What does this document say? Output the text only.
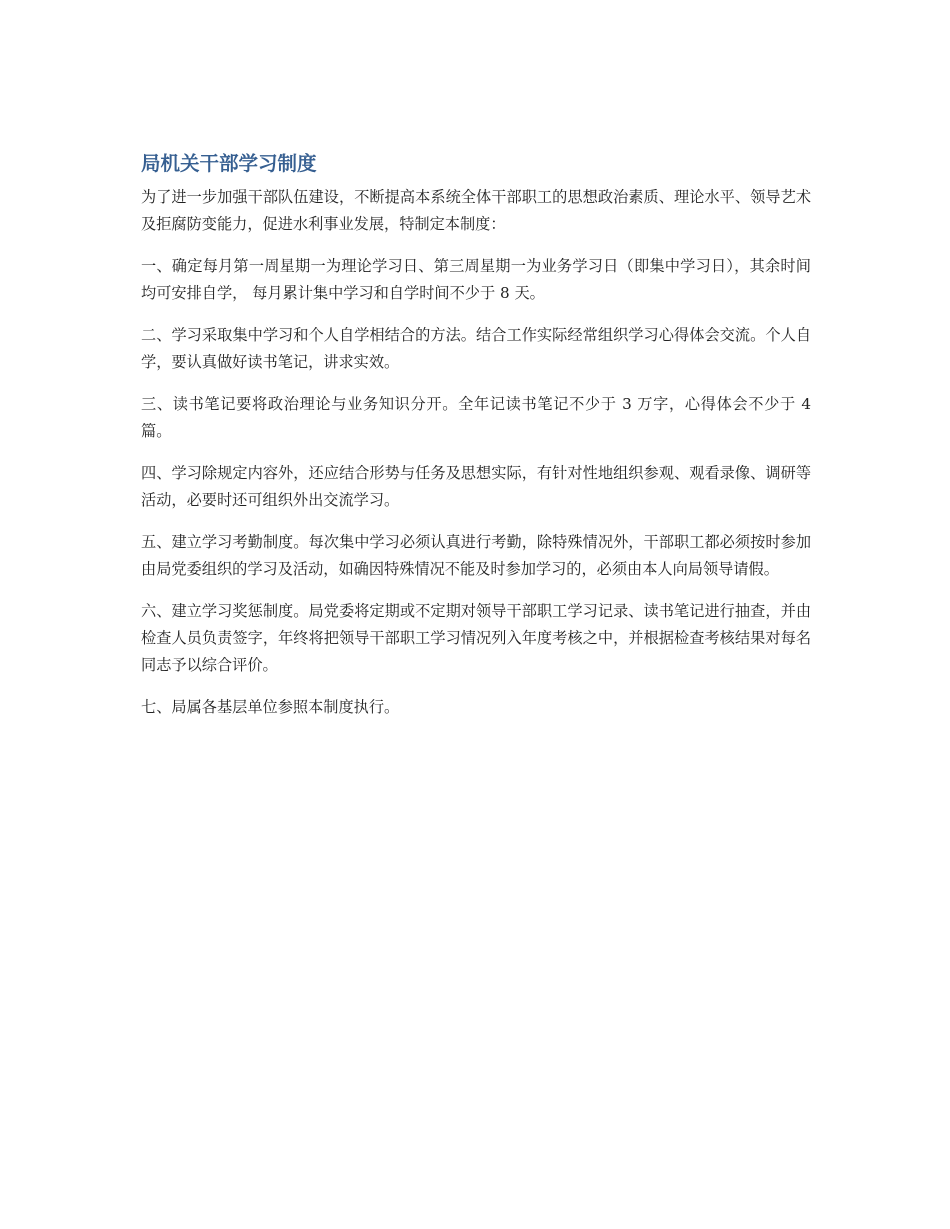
局机关干部学习制度

为了进一步加强干部队伍建设，不断提高本系统全体干部职工的思想政治素质、理论水平、领导艺术及拒腐防变能力，促进水利事业发展，特制定本制度：

一、确定每月第一周星期一为理论学习日、第三周星期一为业务学习日（即集中学习日），其余时间均可安排自学， 每月累计集中学习和自学时间不少于 8 天。

二、学习采取集中学习和个人自学相结合的方法。结合工作实际经常组织学习心得体会交流。个人自学，要认真做好读书笔记，讲求实效。

三、读书笔记要将政治理论与业务知识分开。全年记读书笔记不少于 3 万字，心得体会不少于 4 篇。

四、学习除规定内容外，还应结合形势与任务及思想实际，有针对性地组织参观、观看录像、调研等活动，必要时还可组织外出交流学习。

五、建立学习考勤制度。每次集中学习必须认真进行考勤，除特殊情况外，干部职工都必须按时参加由局党委组织的学习及活动，如确因特殊情况不能及时参加学习的，必须由本人向局领导请假。

六、建立学习奖惩制度。局党委将定期或不定期对领导干部职工学习记录、读书笔记进行抽查，并由检查人员负责签字，年终将把领导干部职工学习情况列入年度考核之中，并根据检查考核结果对每名同志予以综合评价。

七、局属各基层单位参照本制度执行。
